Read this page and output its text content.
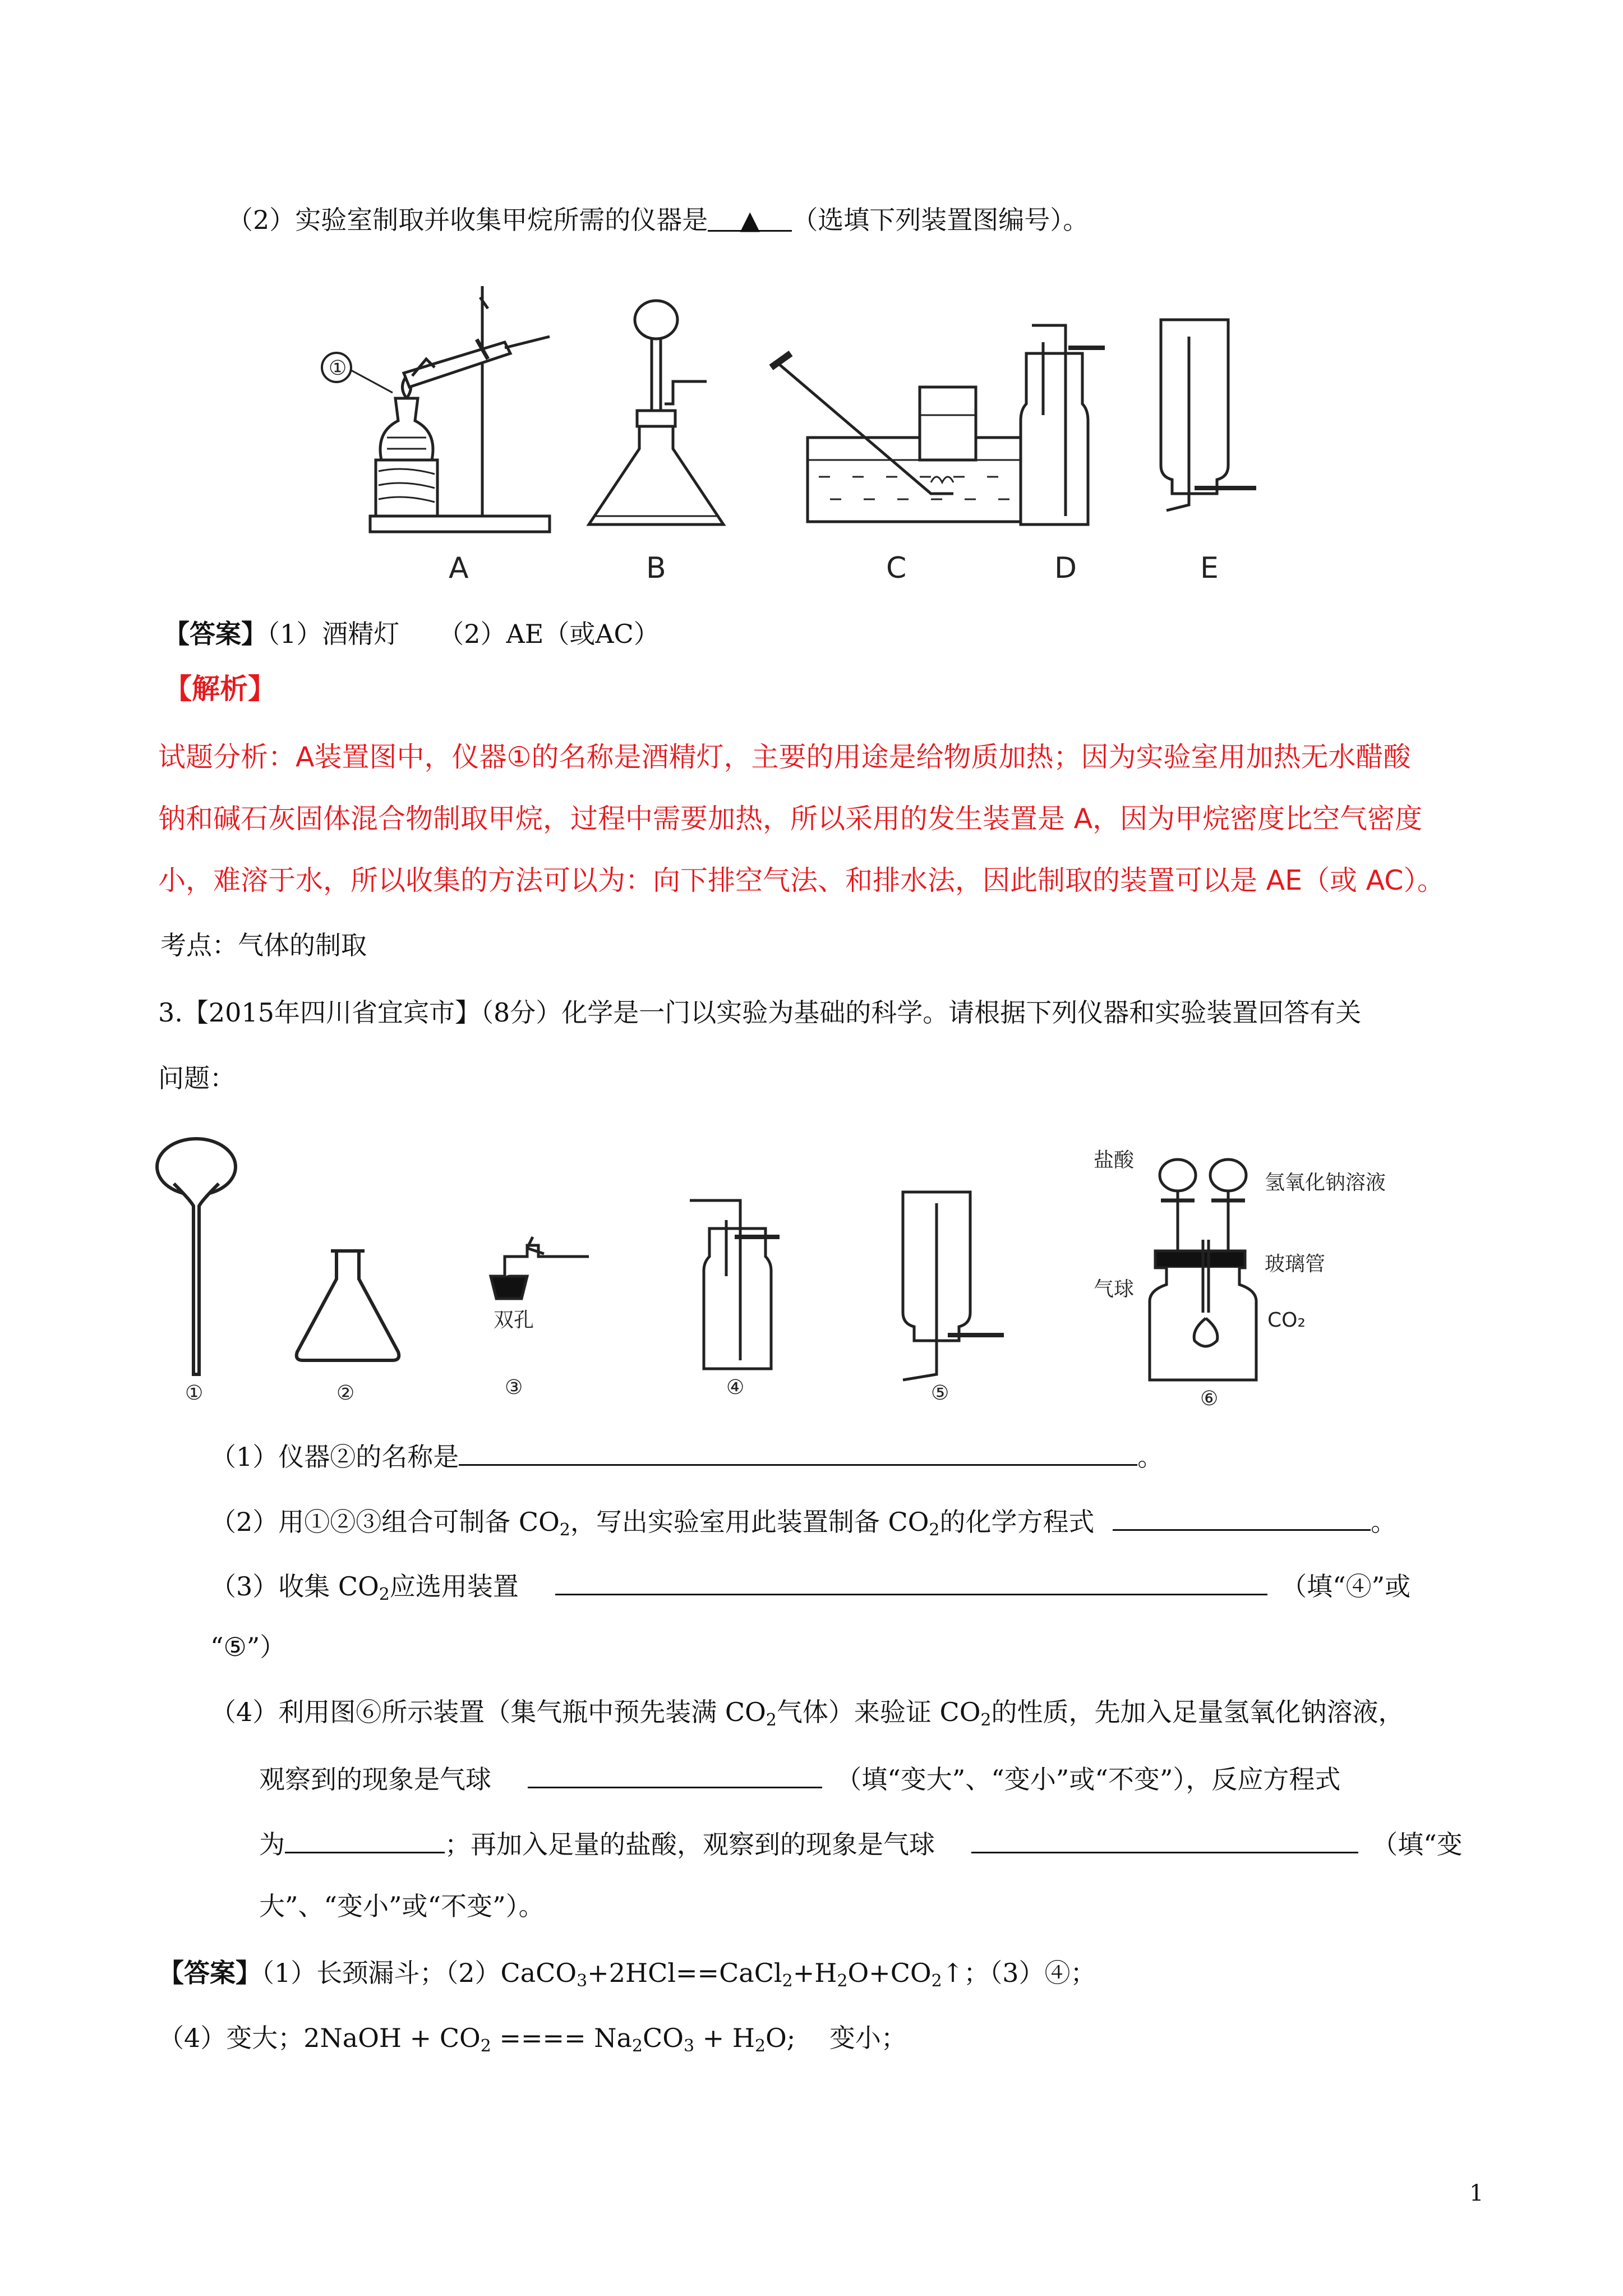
（2）实验室制取并收集甲烷所需的仪器是 ▲ （选填下列装置图编号）。
①
A	B	C	D	E
【答案】（1）酒精灯　　（2）AE（或AC）
【解析】
试题分析：A装置图中，仪器①的名称是酒精灯，主要的用途是给物质加热；因为实验室用加热无水醋酸
钠和碱石灰固体混合物制取甲烷，过程中需要加热，所以采用的发生装置是 A，因为甲烷密度比空气密度
小，难溶于水，所以收集的方法可以为：向下排空气法、和排水法，因此制取的装置可以是 AE（或 AC）。
考点：气体的制取
3.【2015年四川省宜宾市】（8分）化学是一门以实验为基础的科学。请根据下列仪器和实验装置回答有关
问题：
盐酸
氢氧化钠溶液
玻璃管
气球
CO₂
双孔
①	②	③	④	⑤	⑥
（1）仪器②的名称是	。
（2）用①②③组合可制备 $CO_2$，写出实验室用此装置制备 $CO_2$的化学方程式	。
（3）收集 $CO_2$应选用装置	（填“④”或
“⑤”）
（4）利用图⑥所示装置（集气瓶中预先装满 $CO_2$气体）来验证 $CO_2$的性质，先加入足量氢氧化钠溶液，
观察到的现象是气球	（填“变大”、“变小”或“不变”），反应方程式
为	；再加入足量的盐酸，观察到的现象是气球	（填“变
大”、“变小”或“不变”）。
【答案】（1）长颈漏斗；$(2)CaCO_3+2HCl==CaCl_2+H_2O+CO_2↑$；（3）④；
（4）变大；2NaOH + $CO_2$ ==== $Na_2CO_3 + H_2O$;　 变小；
1
